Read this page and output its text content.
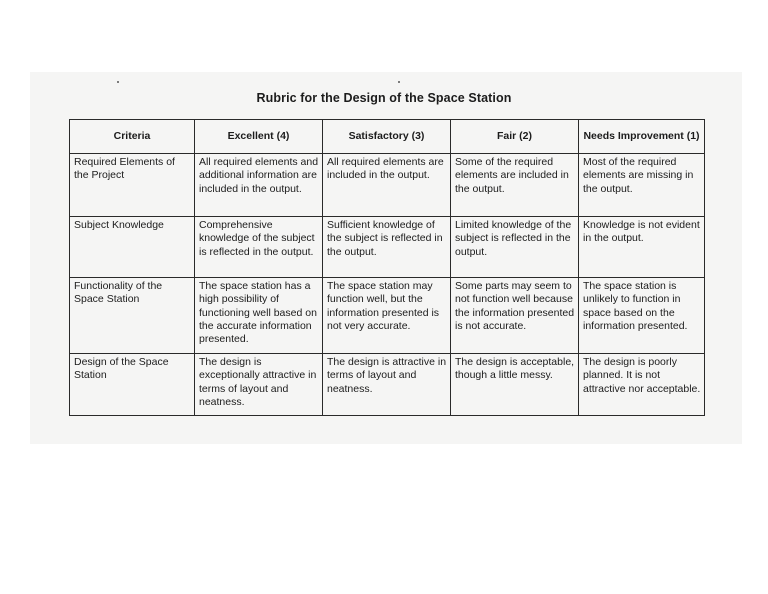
Rubric for the Design of the Space Station
Criteria	Excellent (4)	Satisfactory (3)	Fair (2)	Needs Improvement (1)
Required Elements of the Project	All required elements and additional information are included in the output.	All required elements are included in the output.	Some of the required elements are included in the output.	Most of the required elements are missing in the output.
Subject Knowledge	Comprehensive knowledge of the subject is reflected in the output.	Sufficient knowledge of the subject is reflected in the output.	Limited knowledge of the subject is reflected in the output.	Knowledge is not evident in the output.
Functionality of the Space Station	The space station has a high possibility of functioning well based on the accurate information presented.	The space station may function well, but the information presented is not very accurate.	Some parts may seem to not function well because the information presented is not accurate.	The space station is unlikely to function in space based on the information presented.
Design of the Space Station	The design is exceptionally attractive in terms of layout and neatness.	The design is attractive in terms of layout and neatness.	The design is acceptable, though a little messy.	The design is poorly planned. It is not attractive nor acceptable.
